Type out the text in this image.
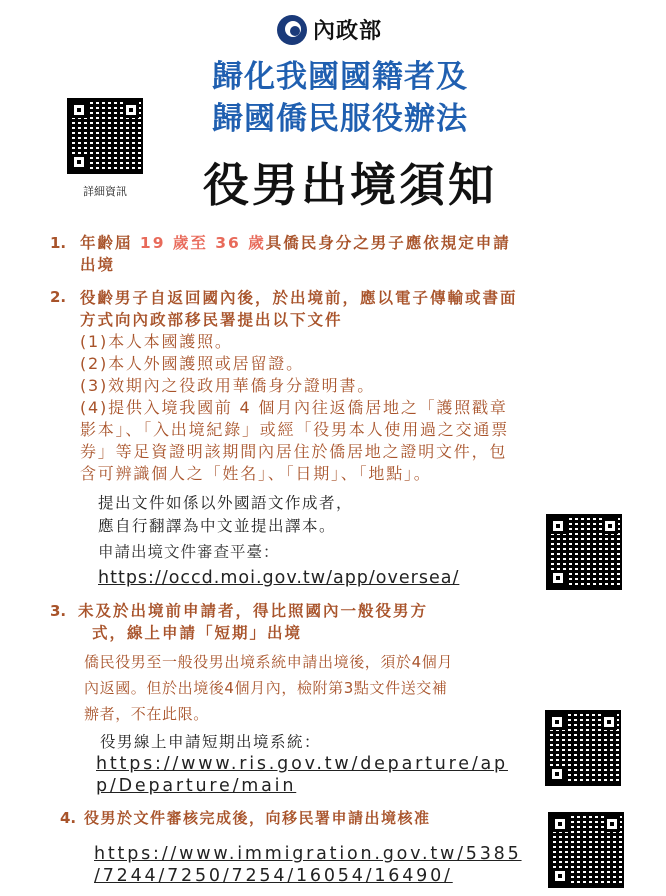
內政部
歸化我國國籍者及
歸國僑民服役辦法
役男出境須知
詳細資訊
1. 年齡屆 19 歲至 36 歲具僑民身分之男子應依規定申請
出境
2. 役齡男子自返回國內後，於出境前，應以電子傳輸或書面
方式向內政部移民署提出以下文件
(1)本人本國護照。
(2)本人外國護照或居留證。
(3)效期內之役政用華僑身分證明書。
(4)提供入境我國前 4 個月內往返僑居地之「護照戳章
影本」、「入出境紀錄」或經「役男本人使用過之交通票
券」等足資證明該期間內居住於僑居地之證明文件，包
含可辨識個人之「姓名」、「日期」、「地點」。
提出文件如係以外國語文作成者，
應自行翻譯為中文並提出譯本。
申請出境文件審查平臺：
https://occd.moi.gov.tw/app/oversea/
3. 未及於出境前申請者，得比照國內一般役男方
式，線上申請「短期」出境
僑民役男至一般役男出境系統申請出境後，須於4個月
內返國。但於出境後4個月內，檢附第3點文件送交補
辦者，不在此限。
役男線上申請短期出境系統：
https://www.ris.gov.tw/departure/ap
p/Departure/main
4. 役男於文件審核完成後，向移民署申請出境核准
https://www.immigration.gov.tw/5385
/7244/7250/7254/16054/16490/
